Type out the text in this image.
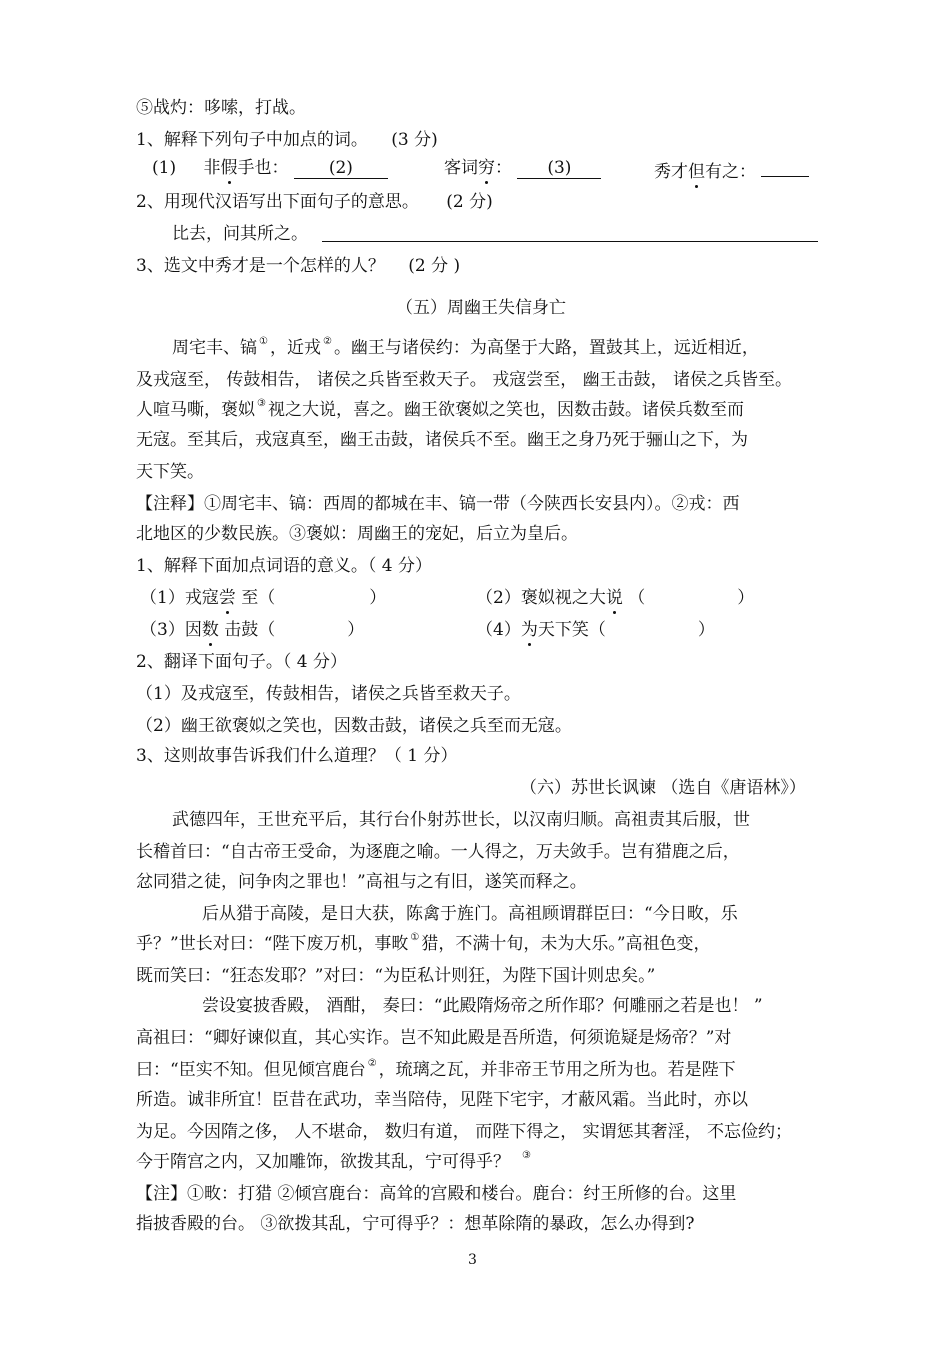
⑤战灼：哆嗦，打战。
1、解释下列句子中加点的词。 (3 分)
(1) 非假手也： (2)	客词穷： (3)	秀才但有之：
2、用现代汉语写出下面句子的意思。 (2 分)
比去，问其所之。
3、选文中秀才是一个怎样的人？ (2 分 )
（五）周幽王失信身亡
周宅丰、镐 ① ，近戎 ② 。幽王与诸侯约：为高堡于大路，置鼓其上，远近相近，
及戎寇至， 传鼓相告， 诸侯之兵皆至救天子。 戎寇尝至， 幽王击鼓， 诸侯之兵皆至。
人喧马嘶，褒姒 ③ 视之大说，喜之。幽王欲褒姒之笑也，因数击鼓。诸侯兵数至而
无寇。至其后，戎寇真至，幽王击鼓，诸侯兵不至。幽王之身乃死于骊山之下，为
天下笑。
【注释】①周宅丰、镐：西周的都城在丰、镐一带（今陕西长安县内）。②戎：西
北地区的少数民族。③褒姒：周幽王的宠妃，后立为皇后。
1、解释下面加点词语的意义。（ 4 分）
（1）戎寇尝 至（	）	（2）褒姒视之大说 （	）
（3）因数 击鼓（	）	（4）为天下笑（	）
2、翻译下面句子。（ 4 分）
（1）及戎寇至，传鼓相告，诸侯之兵皆至救天子。
（2）幽王欲褒姒之笑也，因数击鼓，诸侯之兵至而无寇。
3、这则故事告诉我们什么道理？（ 1 分）
（六）苏世长讽谏 （选自《唐语林》）
武德四年，王世充平后，其行台仆射苏世长，以汉南归顺。高祖责其后服，世
长稽首曰：“自古帝王受命，为逐鹿之喻。一人得之，万夫敛手。岂有猎鹿之后，
忿同猎之徒，问争肉之罪也！”高祖与之有旧，遂笑而释之。
后从猎于高陵，是日大获，陈禽于旌门。高祖顾谓群臣曰：“今日畋，乐
乎？”世长对曰：“陛下废万机，事畋 ① 猎，不满十旬，未为大乐。”高祖色变，
既而笑曰：“狂态发耶？”对曰：“为臣私计则狂，为陛下国计则忠矣。”
尝设宴披香殿， 酒酣， 奏曰：“此殿隋炀帝之所作耶？何雕丽之若是也！ ”
高祖曰：“卿好谏似直，其心实诈。岂不知此殿是吾所造，何须诡疑是炀帝？”对
曰：“臣实不知。但见倾宫鹿台 ② ，琉璃之瓦，并非帝王节用之所为也。若是陛下
所造。诚非所宜！臣昔在武功，幸当陪侍，见陛下宅宇，才蔽风霜。当此时，亦以
为足。今因隋之侈， 人不堪命， 数归有道， 而陛下得之， 实谓惩其奢淫， 不忘俭约；
今于隋宫之内，又加雕饰，欲拨其乱，宁可得乎？ ③
【注】①畋：打猎 ②倾宫鹿台：高耸的宫殿和楼台。鹿台：纣王所修的台。这里
指披香殿的台。 ③欲拨其乱，宁可得乎？：想革除隋的暴政，怎么办得到?
3
